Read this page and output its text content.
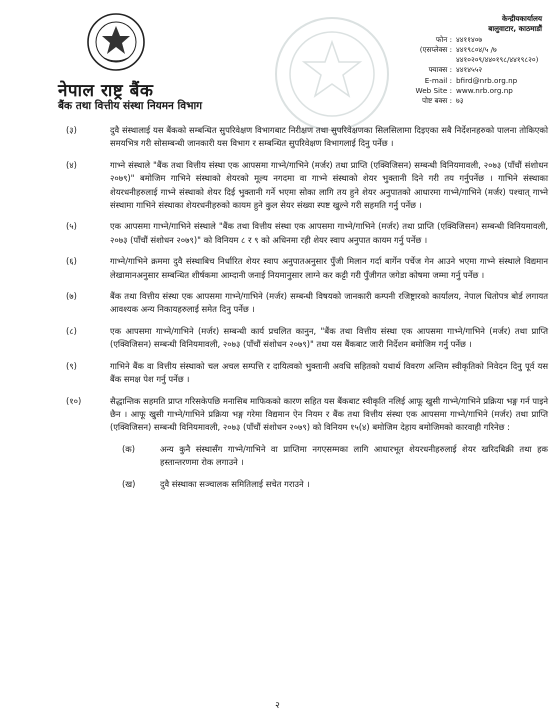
नेपाल राष्ट्र बैंक
बैंक तथा वित्तीय संस्था नियमन विभाग
केन्द्रीयकार्यालय
बालुवाटार, काठमाडौं
फोन : ४४११४०७
(एसप्लेक्स : ४४१९८०४/५ /७
४४१०२०९/४४०१९८/४४१९८२०)
फ्याक्स : ४४१४५५२
E-mail : bfird@nrb.org.np
Web Site : www.nrb.org.np
पोष्ट बक्स : ७३
(३)	दुवै संस्थालाई यस बैंकको सम्बन्धित सुपरिवेक्षण विभागबाट निरीक्षण तथा सुपरिवेक्षणका सिलसिलामा दिइएका सबै निर्देशनहरुको पालना तोकिएको समयभित्र गरी सोसम्बन्धी जानकारी यस विभाग र सम्बन्धित सुपरिवेक्षण विभागलाई दिनु पर्नेछ ।
(४)	गाभ्ने संस्थाले "बैंक तथा वित्तीय संस्था एक आपसमा गाभ्ने/गाभिने (मर्जर) तथा प्राप्ति (एक्विजिसन) सम्बन्धी विनियमावली, २०७३ (पाँचौं संशोधन २०७९)" बमोजिम गाभिने संस्थाको शेयरको मूल्य नगदमा वा गाभ्ने संस्थाको शेयर भुक्तानी दिने गरी तय गर्नुपर्नेछ । गाभिने संस्थाका शेयरधनीहरुलाई गाभ्ने संस्थाको शेयर दिई भुक्तानी गर्ने भएमा सोका लागि तय हुने शेयर अनुपातको आधारमा गाभ्ने/गाभिने (मर्जर) पश्चात् गाभ्ने संस्थामा गाभिने संस्थाका शेयरधनीहरुको कायम हुने कुल सेयर संख्या स्पष्ट खुल्ने गरी सहमति गर्नु पर्नेछ ।
(५)	एक आपसमा गाभ्ने/गाभिने संस्थाले "बैंक तथा वित्तीय संस्था एक आपसमा गाभ्ने/गाभिने (मर्जर) तथा प्राप्ति (एक्विजिसन) सम्बन्धी विनियमावली, २०७३ (पाँचौं संशोधन २०७९)" को विनियम ८ र ९ को अधिनमा रही शेयर स्वाप अनुपात कायम गर्नु पर्नेछ ।
(६)	गाभ्ने/गाभिने क्रममा दुवै संस्थाबिच निर्धारित शेयर स्वाप अनुपातअनुसार पुँजी मिलान गर्दा बार्गेन पर्चेज गेन आउने भएमा गाभ्ने संस्थाले विद्यमान लेखामानअनुसार सम्बन्धित शीर्षकमा आम्दानी जनाई नियमानुसार लाग्ने कर कट्टी गरी पुँजीगत जगेडा कोषमा जम्मा गर्नु पर्नेछ ।
(७)	बैंक तथा वित्तीय संस्था एक आपसमा गाभ्ने/गाभिने (मर्जर) सम्बन्धी विषयको जानकारी कम्पनी रजिष्ट्रारको कार्यालय, नेपाल धितोपत्र बोर्ड लगायत आवश्यक अन्य निकायहरुलाई समेत दिनु पर्नेछ ।
(८)	एक आपसमा गाभ्ने/गाभिने (मर्जर) सम्बन्धी कार्य प्रचलित कानुन, "बैंक तथा वित्तीय संस्था एक आपसमा गाभ्ने/गाभिने (मर्जर) तथा प्राप्ति (एक्विजिसन) सम्बन्धी विनियमावली, २०७३ (पाँचौं संशोधन २०७९)" तथा यस बैंकबाट जारी निर्देशन बमोजिम गर्नु पर्नेछ ।
(९)	गाभिने बैंक वा वित्तीय संस्थाको चल अचल सम्पत्ति र दायित्वको भुक्तानी अवधि सहितको यथार्थ विवरण अन्तिम स्वीकृतिको निवेदन दिनु पूर्व यस बैंक समक्ष पेश गर्नु पर्नेछ ।
(१०)	सैद्धान्तिक सहमति प्राप्त गरिसकेपछि मनासिब माफिकको कारण सहित यस बैंकबाट स्वीकृति नलिई आफू खुसी गाभ्ने/गाभिने प्रक्रिया भङ्ग गर्न पाइने छैन । आफू खुसी गाभ्ने/गाभिने प्रक्रिया भङ्ग गरेमा विद्यमान ऐन नियम र बैंक तथा वित्तीय संस्था एक आपसमा गाभ्ने/गाभिने (मर्जर) तथा प्राप्ति (एक्विजिसन) सम्बन्धी विनियमावली, २०७३ (पाँचौं संशोधन २०७९) को विनियम १५(४) बमोजिम देहाय बमोजिमको कारवाही गरिनेछ :
(क)	अन्य कुनै संस्थासँग गाभ्ने/गाभिने वा प्राप्तिमा नगएसम्मका लागि आधारभूत शेयरधनीहरुलाई शेयर खरिदबिक्री तथा हक हस्तान्तरणमा रोक लगाउने ।
(ख)	दुवै संस्थाका सञ्चालक समितिलाई सचेत गराउने ।
२
